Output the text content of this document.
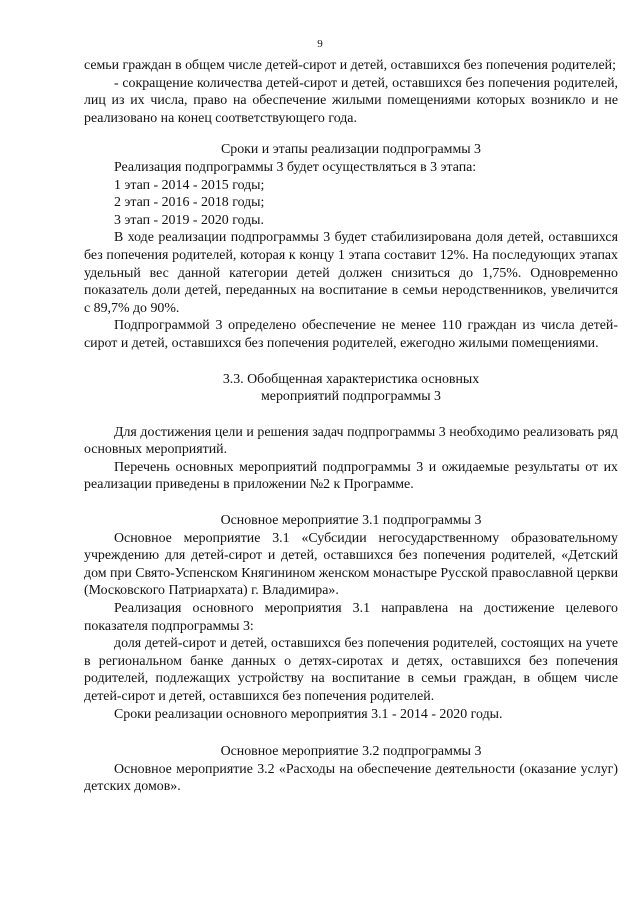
9

семьи граждан в общем числе детей-сирот и детей, оставшихся без попечения родителей;

- сокращение количества детей-сирот и детей, оставшихся без попечения родителей, лиц из их числа, право на обеспечение жилыми помещениями которых возникло и не реализовано на конец соответствующего года.

Сроки и этапы реализации подпрограммы 3

Реализация подпрограммы 3 будет осуществляться в 3 этапа:

1 этап - 2014 - 2015 годы;

2 этап - 2016 - 2018 годы;

3 этап - 2019 - 2020 годы.

В ходе реализации подпрограммы 3 будет стабилизирована доля детей, оставшихся без попечения родителей, которая к концу 1 этапа составит 12%. На последующих этапах удельный вес данной категории детей должен снизиться до 1,75%. Одновременно показатель доли детей, переданных на воспитание в семьи неродственников, увеличится с 89,7% до 90%.

Подпрограммой 3 определено обеспечение не менее 110 граждан из числа детей-сирот и детей, оставшихся без попечения родителей, ежегодно жилыми помещениями.

3.3. Обобщенная характеристика основных

мероприятий подпрограммы 3

Для достижения цели и решения задач подпрограммы 3 необходимо реализовать ряд основных мероприятий.

Перечень основных мероприятий подпрограммы 3 и ожидаемые результаты от их реализации приведены в приложении №2 к Программе.

Основное мероприятие 3.1 подпрограммы 3

Основное мероприятие 3.1 «Субсидии негосударственному образовательному учреждению для детей-сирот и детей, оставшихся без попечения родителей, «Детский дом при Свято-Успенском Княгинином женском монастыре Русской православной церкви (Московского Патриархата) г. Владимира».

Реализация основного мероприятия 3.1 направлена на достижение целевого показателя подпрограммы 3:

доля детей-сирот и детей, оставшихся без попечения родителей, состоящих на учете в региональном банке данных о детях-сиротах и детях, оставшихся без попечения родителей, подлежащих устройству на воспитание в семьи граждан, в общем числе детей-сирот и детей, оставшихся без попечения родителей.

Сроки реализации основного мероприятия 3.1 - 2014 - 2020 годы.

Основное мероприятие 3.2 подпрограммы 3

Основное мероприятие 3.2 «Расходы на обеспечение деятельности (оказание услуг) детских домов».
